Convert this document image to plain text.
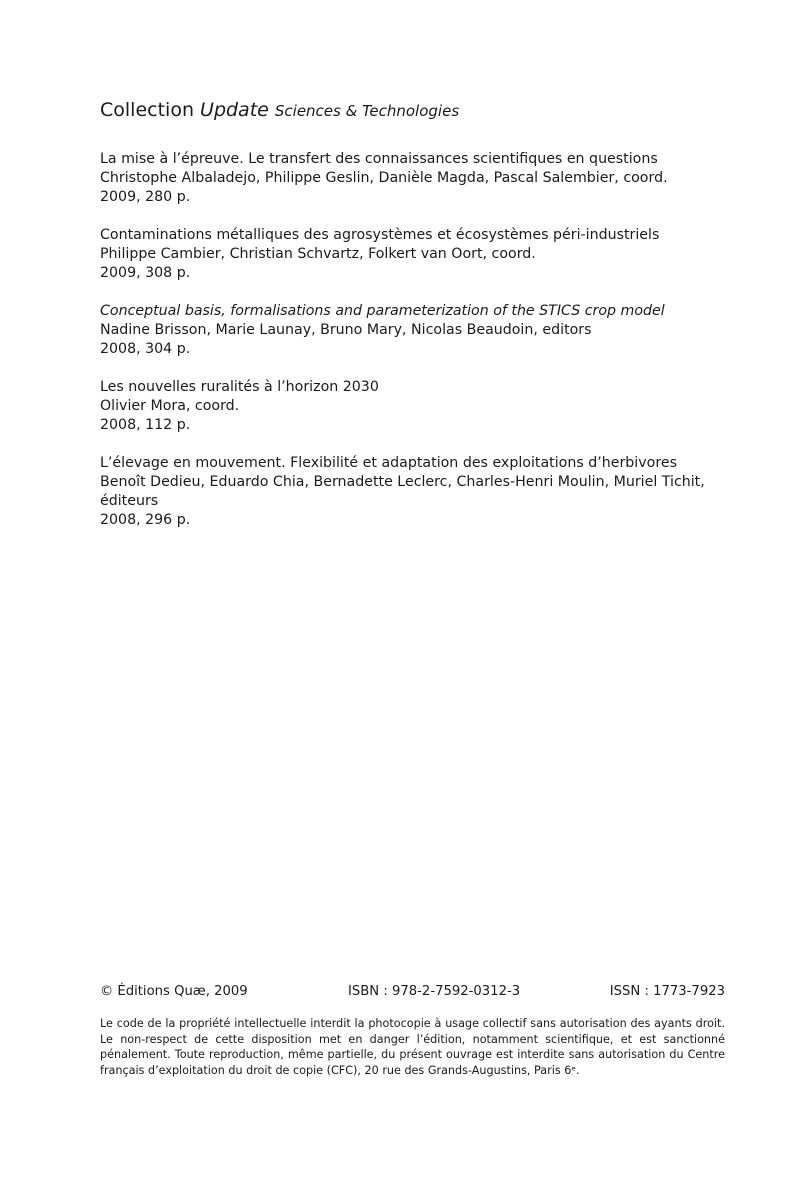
Collection Update Sciences & Technologies
La mise à l’épreuve. Le transfert des connaissances scientifiques en questions
Christophe Albaladejo, Philippe Geslin, Danièle Magda, Pascal Salembier, coord.
2009, 280 p.
Contaminations métalliques des agrosystèmes et écosystèmes péri-industriels
Philippe Cambier, Christian Schvartz, Folkert van Oort, coord.
2009, 308 p.
Conceptual basis, formalisations and parameterization of the STICS crop model
Nadine Brisson, Marie Launay, Bruno Mary, Nicolas Beaudoin, editors
2008, 304 p.
Les nouvelles ruralités à l’horizon 2030
Olivier Mora, coord.
2008, 112 p.
L’élevage en mouvement. Flexibilité et adaptation des exploitations d’herbivores
Benoît Dedieu, Eduardo Chia, Bernadette Leclerc, Charles-Henri Moulin, Muriel Tichit, éditeurs
2008, 296 p.
© Éditions Quæ, 2009	ISBN : 978-2-7592-0312-3	ISSN : 1773-7923
Le code de la propriété intellectuelle interdit la photocopie à usage collectif sans autorisation des ayants droit. Le non-respect de cette disposition met en danger l’édition, notamment scientifique, et est sanctionné pénalement. Toute reproduction, même partielle, du présent ouvrage est interdite sans autorisation du Centre français d’exploitation du droit de copie (CFC), 20 rue des Grands-Augustins, Paris 6ᵉ.
